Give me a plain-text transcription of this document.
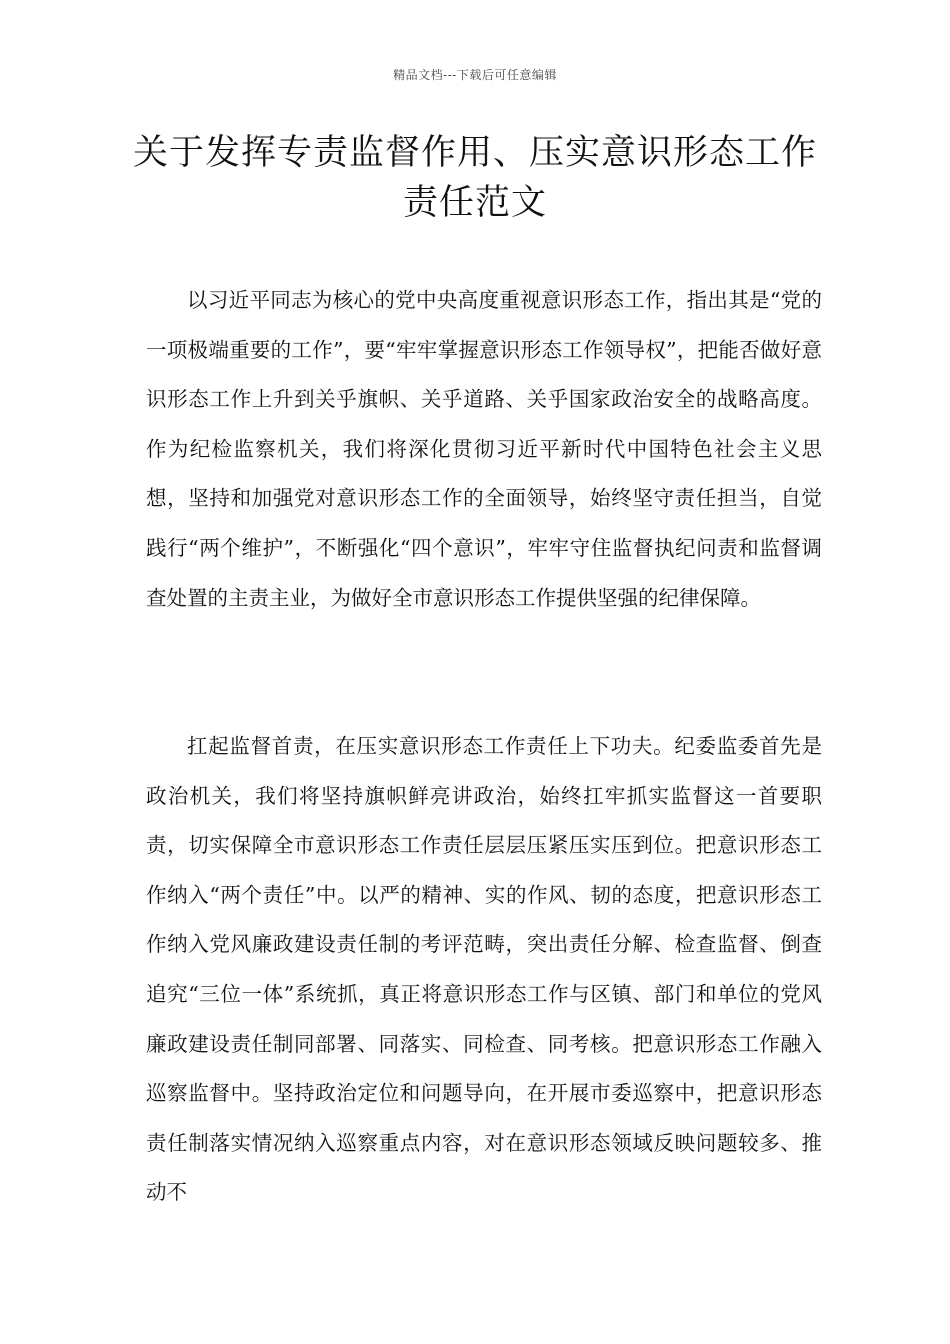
精品文档---下载后可任意编辑
关于发挥专责监督作用、压实意识形态工作责任范文

以习近平同志为核心的党中央高度重视意识形态工作，指出其是“党的一项极端重要的工作”，要“牢牢掌握意识形态工作领导权”，把能否做好意识形态工作上升到关乎旗帜、关乎道路、关乎国家政治安全的战略高度。作为纪检监察机关，我们将深化贯彻习近平新时代中国特色社会主义思想，坚持和加强党对意识形态工作的全面领导，始终坚守责任担当，自觉践行“两个维护”，不断强化“四个意识”，牢牢守住监督执纪问责和监督调查处置的主责主业，为做好全市意识形态工作提供坚强的纪律保障。

扛起监督首责，在压实意识形态工作责任上下功夫。纪委监委首先是政治机关，我们将坚持旗帜鲜亮讲政治，始终扛牢抓实监督这一首要职责，切实保障全市意识形态工作责任层层压紧压实压到位。把意识形态工作纳入“两个责任”中。以严的精神、实的作风、韧的态度，把意识形态工作纳入党风廉政建设责任制的考评范畴，突出责任分解、检查监督、倒查追究“三位一体”系统抓，真正将意识形态工作与区镇、部门和单位的党风廉政建设责任制同部署、同落实、同检查、同考核。把意识形态工作融入巡察监督中。坚持政治定位和问题导向，在开展市委巡察中，把意识形态责任制落实情况纳入巡察重点内容，对在意识形态领域反映问题较多、推动不
